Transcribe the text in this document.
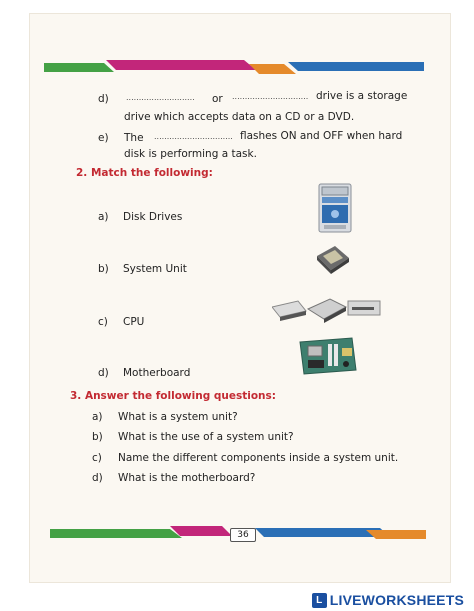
d) ........................... or .............................. drive is a storage
drive which accepts data on a CD or a DVD.
e) The ............................... flashes ON and OFF when hard
disk is performing a task.
2. Match the following:
a) Disk Drives
b) System Unit
c) CPU
d) Motherboard
3. Answer the following questions:
a) What is a system unit?
b) What is the use of a system unit?
c) Name the different components inside a system unit.
d) What is the motherboard?
36
L LIVEWORKSHEETS
